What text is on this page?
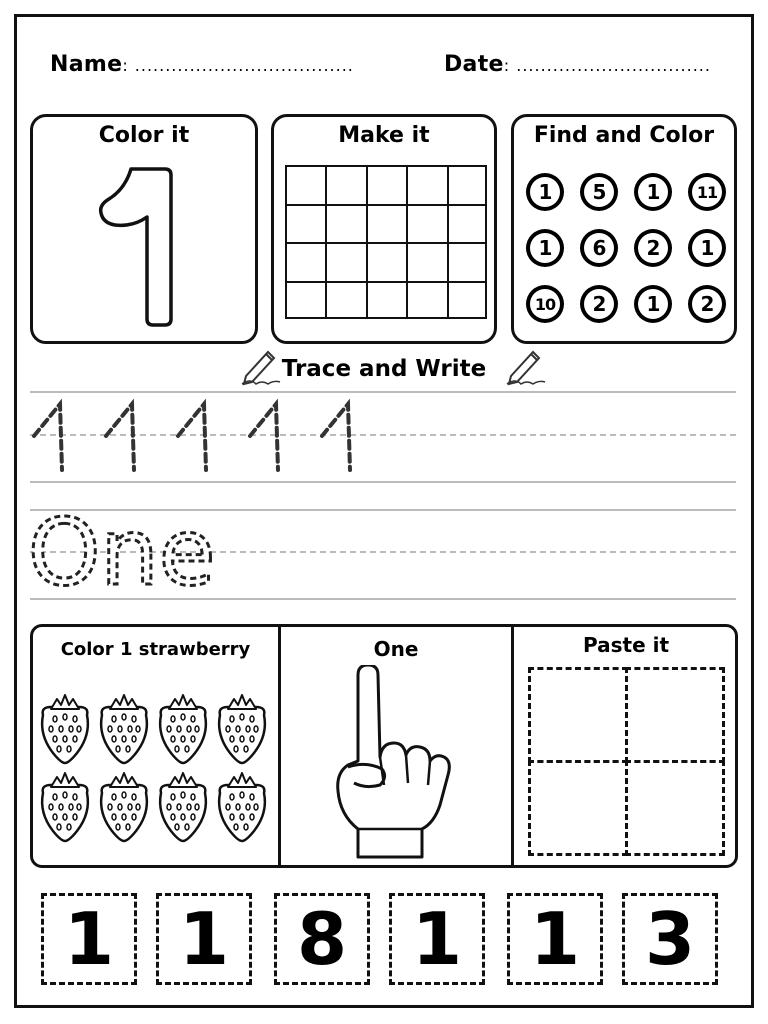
Name: ....................................	Date: ................................
Color it	Make it	Find and Color
1	5	1	11
1	6	2	1
10	2	1	2
Trace and Write
One
Color 1 strawberry	One	Paste it
1 1 8 1 1 3
